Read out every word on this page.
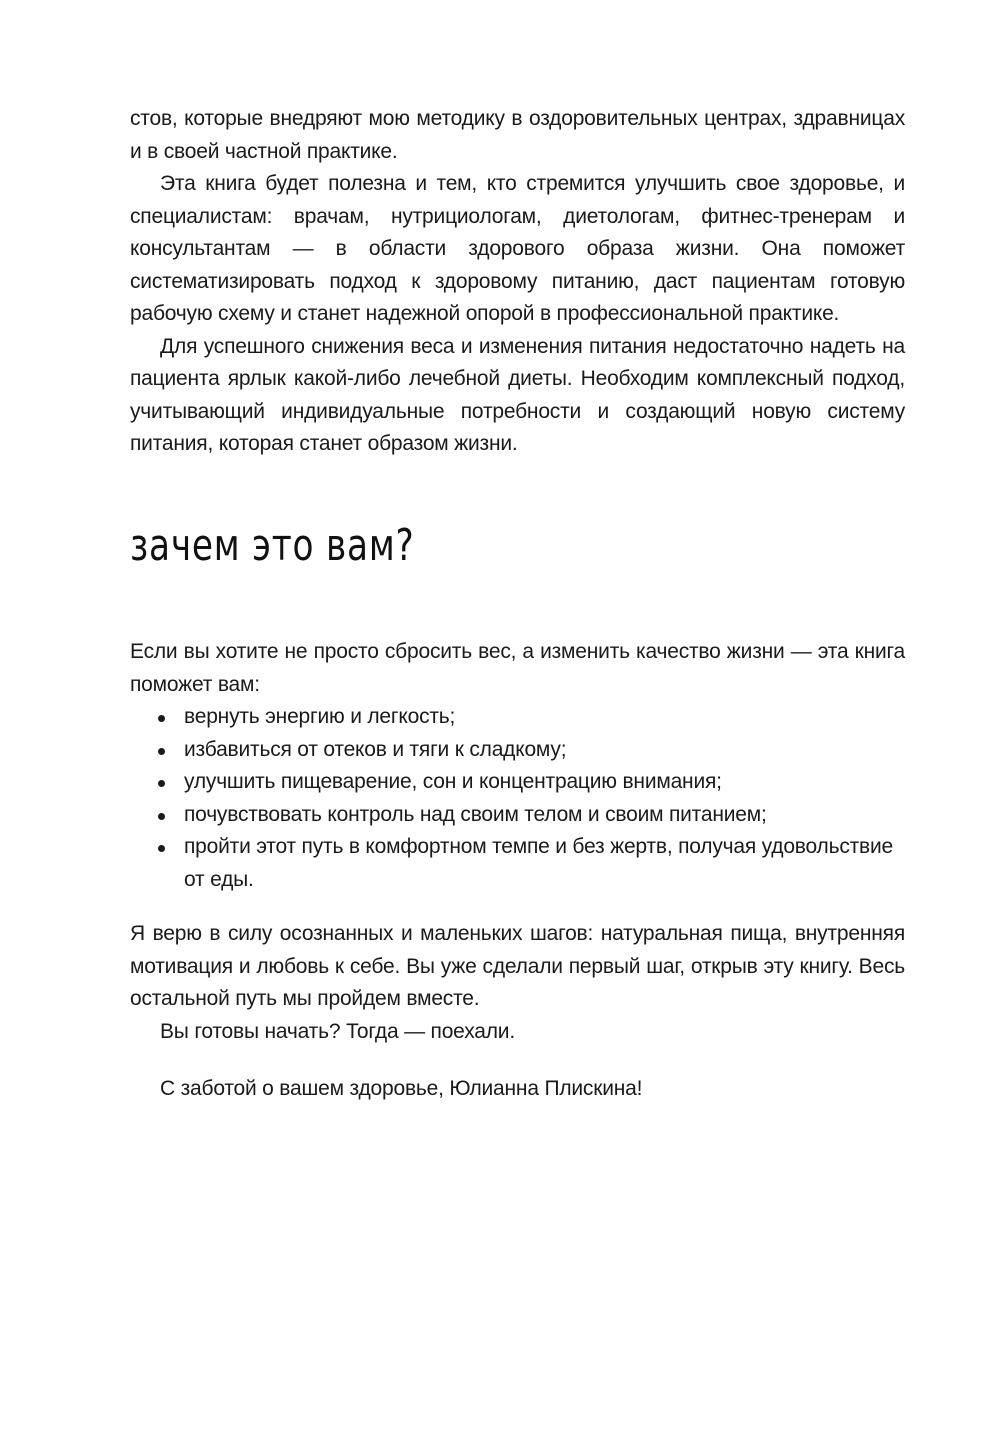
стов, которые внедряют мою методику в оздоровительных центрах, здравницах и в своей частной практике.

Эта книга будет полезна и тем, кто стремится улучшить свое здоровье, и специалистам: врачам, нутрициологам, диетологам, фитнес-тренерам и консультантам — в области здорового образа жизни. Она поможет систематизировать подход к здоровому питанию, даст пациентам готовую рабочую схему и станет надежной опорой в профессиональной практике.

Для успешного снижения веса и изменения питания недостаточно надеть на пациента ярлык какой-либо лечебной диеты. Необходим комплексный подход, учитывающий индивидуальные потребности и создающий новую систему питания, которая станет образом жизни.

зачем это вам?

Если вы хотите не просто сбросить вес, а изменить качество жизни — эта книга поможет вам:

вернуть энергию и легкость;
избавиться от отеков и тяги к сладкому;
улучшить пищеварение, сон и концентрацию внимания;
почувствовать контроль над своим телом и своим питанием;
пройти этот путь в комфортном темпе и без жертв, получая удовольствие от еды.

Я верю в силу осознанных и маленьких шагов: натуральная пища, внутренняя мотивация и любовь к себе. Вы уже сделали первый шаг, открыв эту книгу. Весь остальной путь мы пройдем вместе.

Вы готовы начать? Тогда — поехали.

С заботой о вашем здоровье, Юлианна Плискина!
